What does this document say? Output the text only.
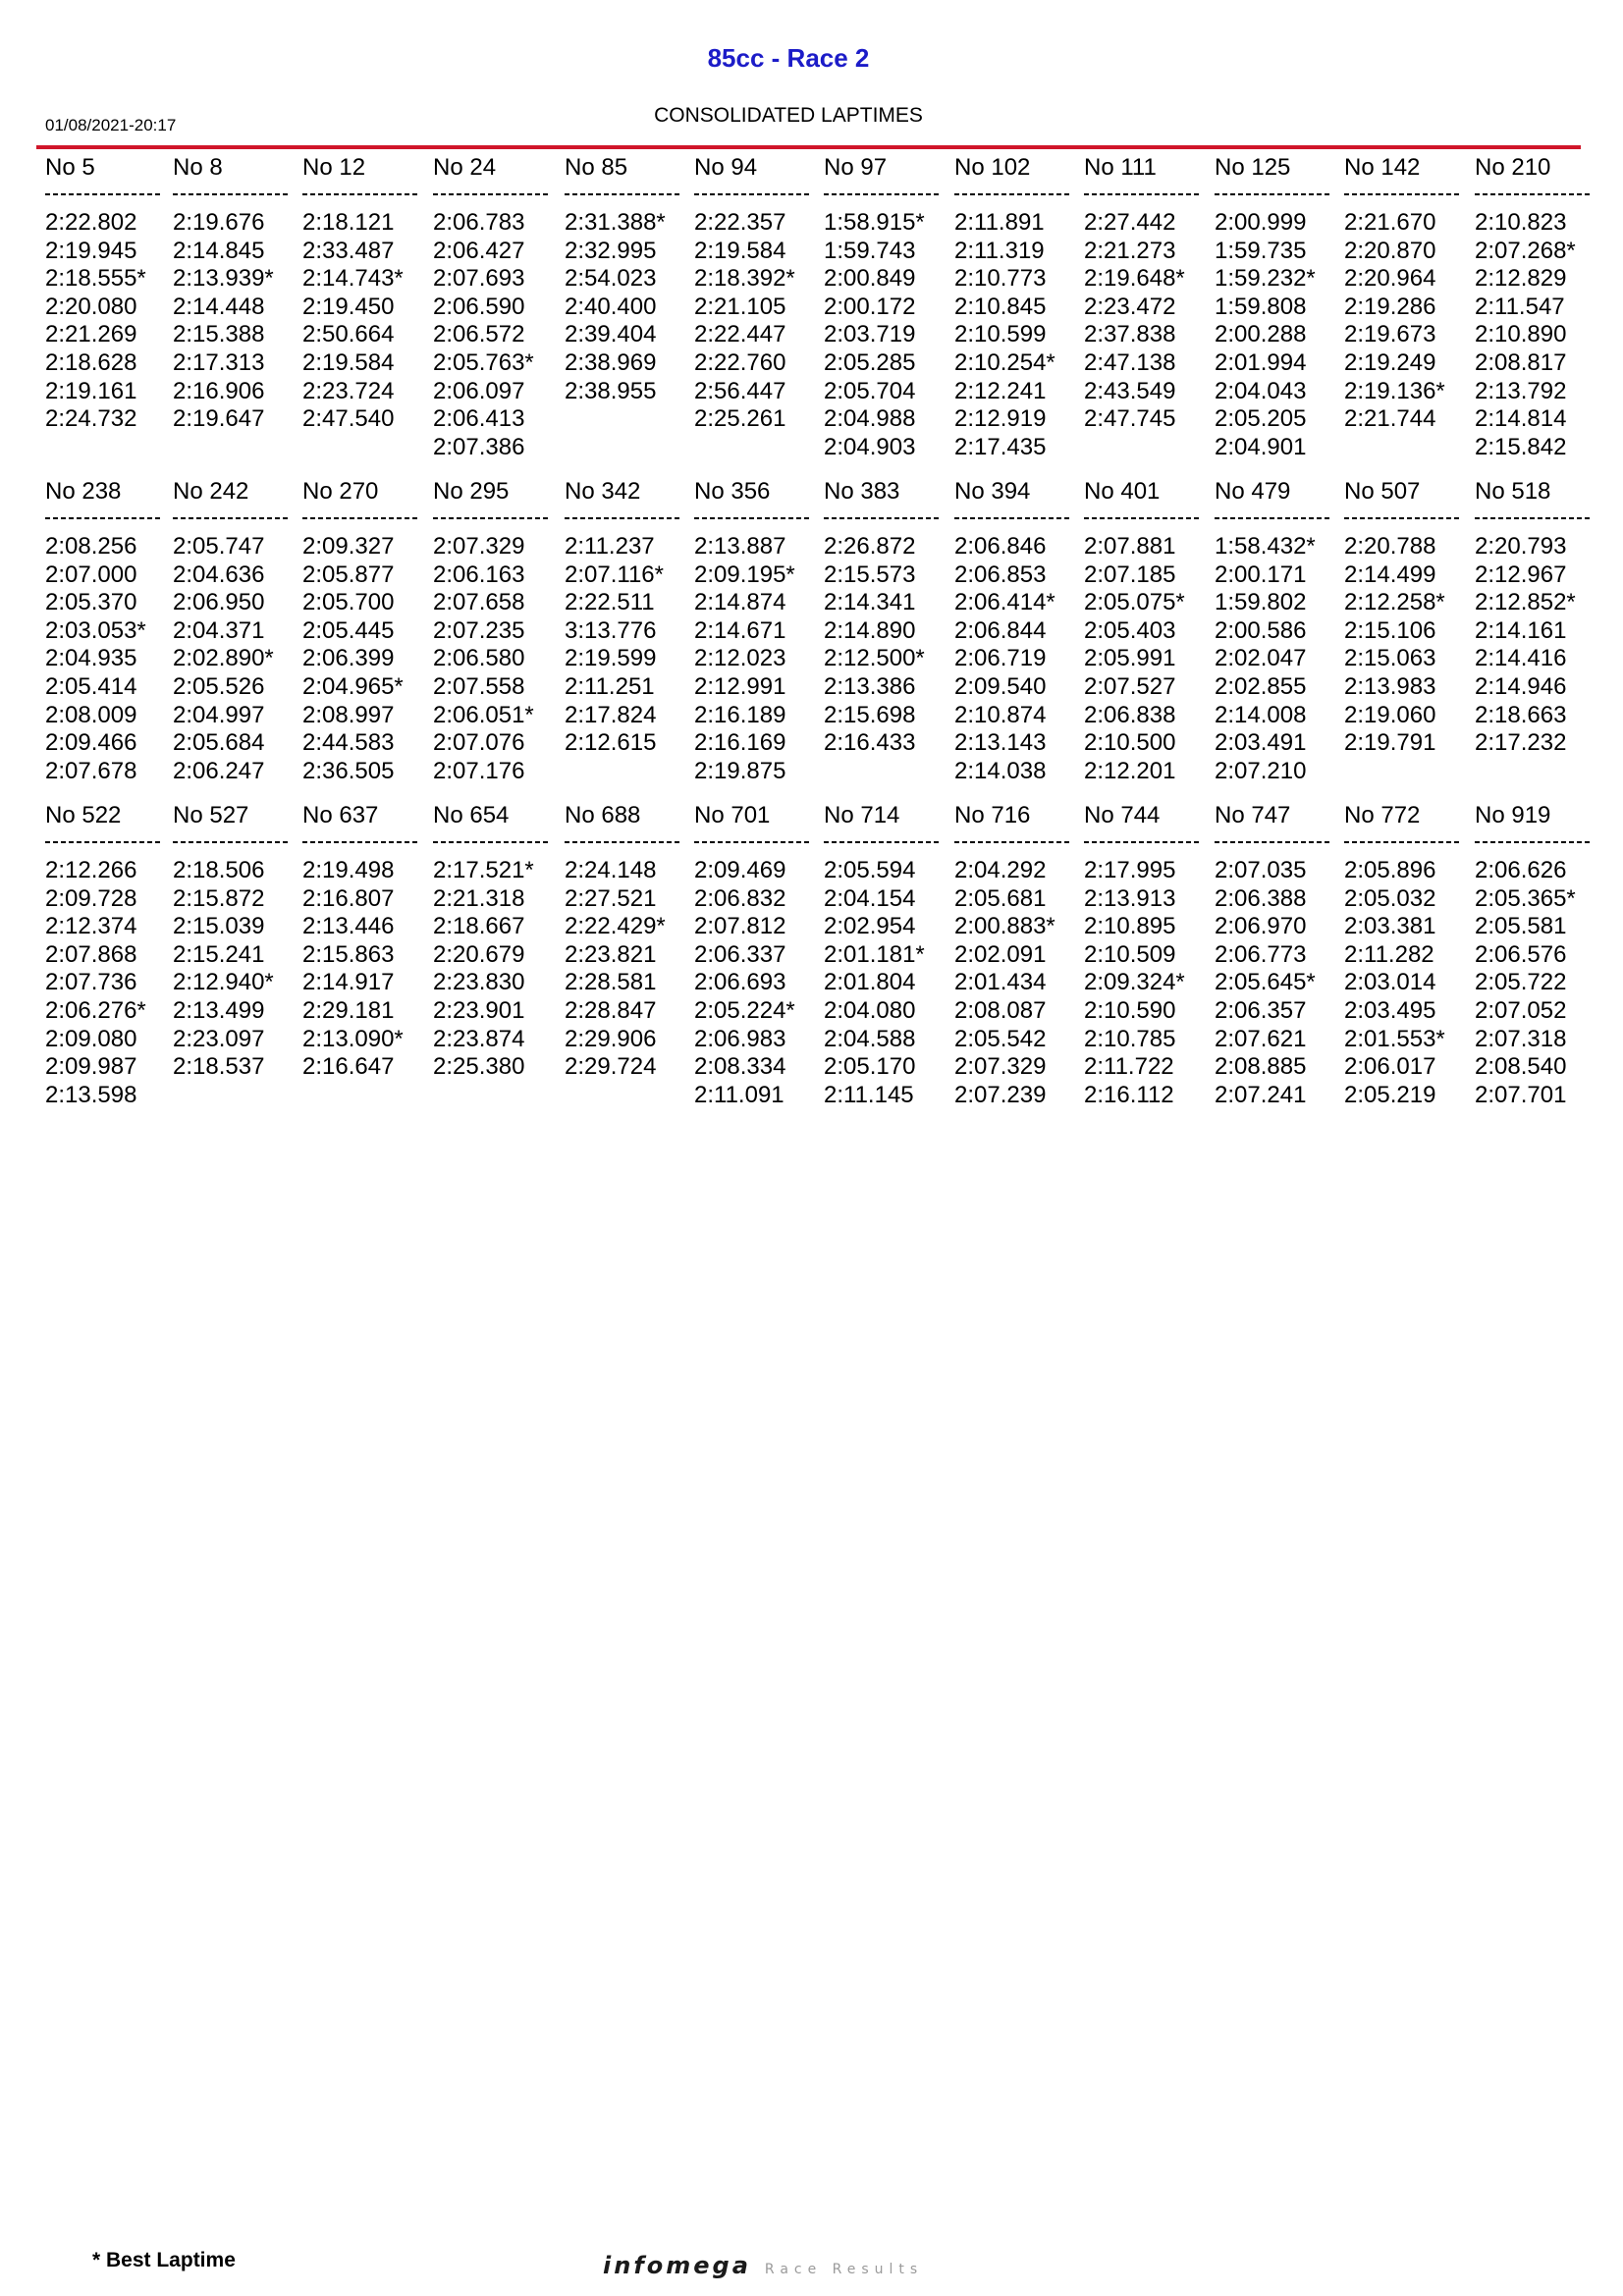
85cc - Race 2
01/08/2021-20:17	CONSOLIDATED LAPTIMES
No 5
2:22.802
2:19.945
2:18.555*
2:20.080
2:21.269
2:18.628
2:19.161
2:24.732
No 8
2:19.676
2:14.845
2:13.939*
2:14.448
2:15.388
2:17.313
2:16.906
2:19.647
No 12
2:18.121
2:33.487
2:14.743*
2:19.450
2:50.664
2:19.584
2:23.724
2:47.540
No 24
2:06.783
2:06.427
2:07.693
2:06.590
2:06.572
2:05.763*
2:06.097
2:06.413
2:07.386
No 85
2:31.388*
2:32.995
2:54.023
2:40.400
2:39.404
2:38.969
2:38.955
No 94
2:22.357
2:19.584
2:18.392*
2:21.105
2:22.447
2:22.760
2:56.447
2:25.261
No 97
1:58.915*
1:59.743
2:00.849
2:00.172
2:03.719
2:05.285
2:05.704
2:04.988
2:04.903
No 102
2:11.891
2:11.319
2:10.773
2:10.845
2:10.599
2:10.254*
2:12.241
2:12.919
2:17.435
No 111
2:27.442
2:21.273
2:19.648*
2:23.472
2:37.838
2:47.138
2:43.549
2:47.745
No 125
2:00.999
1:59.735
1:59.232*
1:59.808
2:00.288
2:01.994
2:04.043
2:05.205
2:04.901
No 142
2:21.670
2:20.870
2:20.964
2:19.286
2:19.673
2:19.249
2:19.136*
2:21.744
No 210
2:10.823
2:07.268*
2:12.829
2:11.547
2:10.890
2:08.817
2:13.792
2:14.814
2:15.842
No 238
2:08.256
2:07.000
2:05.370
2:03.053*
2:04.935
2:05.414
2:08.009
2:09.466
2:07.678
No 242
2:05.747
2:04.636
2:06.950
2:04.371
2:02.890*
2:05.526
2:04.997
2:05.684
2:06.247
No 270
2:09.327
2:05.877
2:05.700
2:05.445
2:06.399
2:04.965*
2:08.997
2:44.583
2:36.505
No 295
2:07.329
2:06.163
2:07.658
2:07.235
2:06.580
2:07.558
2:06.051*
2:07.076
2:07.176
No 342
2:11.237
2:07.116*
2:22.511
3:13.776
2:19.599
2:11.251
2:17.824
2:12.615
No 356
2:13.887
2:09.195*
2:14.874
2:14.671
2:12.023
2:12.991
2:16.189
2:16.169
2:19.875
No 383
2:26.872
2:15.573
2:14.341
2:14.890
2:12.500*
2:13.386
2:15.698
2:16.433
No 394
2:06.846
2:06.853
2:06.414*
2:06.844
2:06.719
2:09.540
2:10.874
2:13.143
2:14.038
No 401
2:07.881
2:07.185
2:05.075*
2:05.403
2:05.991
2:07.527
2:06.838
2:10.500
2:12.201
No 479
1:58.432*
2:00.171
1:59.802
2:00.586
2:02.047
2:02.855
2:14.008
2:03.491
2:07.210
No 507
2:20.788
2:14.499
2:12.258*
2:15.106
2:15.063
2:13.983
2:19.060
2:19.791
No 518
2:20.793
2:12.967
2:12.852*
2:14.161
2:14.416
2:14.946
2:18.663
2:17.232
No 522
2:12.266
2:09.728
2:12.374
2:07.868
2:07.736
2:06.276*
2:09.080
2:09.987
2:13.598
No 527
2:18.506
2:15.872
2:15.039
2:15.241
2:12.940*
2:13.499
2:23.097
2:18.537
No 637
2:19.498
2:16.807
2:13.446
2:15.863
2:14.917
2:29.181
2:13.090*
2:16.647
No 654
2:17.521*
2:21.318
2:18.667
2:20.679
2:23.830
2:23.901
2:23.874
2:25.380
No 688
2:24.148
2:27.521
2:22.429*
2:23.821
2:28.581
2:28.847
2:29.906
2:29.724
No 701
2:09.469
2:06.832
2:07.812
2:06.337
2:06.693
2:05.224*
2:06.983
2:08.334
2:11.091
No 714
2:05.594
2:04.154
2:02.954
2:01.181*
2:01.804
2:04.080
2:04.588
2:05.170
2:11.145
No 716
2:04.292
2:05.681
2:00.883*
2:02.091
2:01.434
2:08.087
2:05.542
2:07.329
2:07.239
No 744
2:17.995
2:13.913
2:10.895
2:10.509
2:09.324*
2:10.590
2:10.785
2:11.722
2:16.112
No 747
2:07.035
2:06.388
2:06.970
2:06.773
2:05.645*
2:06.357
2:07.621
2:08.885
2:07.241
No 772
2:05.896
2:05.032
2:03.381
2:11.282
2:03.014
2:03.495
2:01.553*
2:06.017
2:05.219
No 919
2:06.626
2:05.365*
2:05.581
2:06.576
2:05.722
2:07.052
2:07.318
2:08.540
2:07.701
* Best Laptime	infomega Race Results
